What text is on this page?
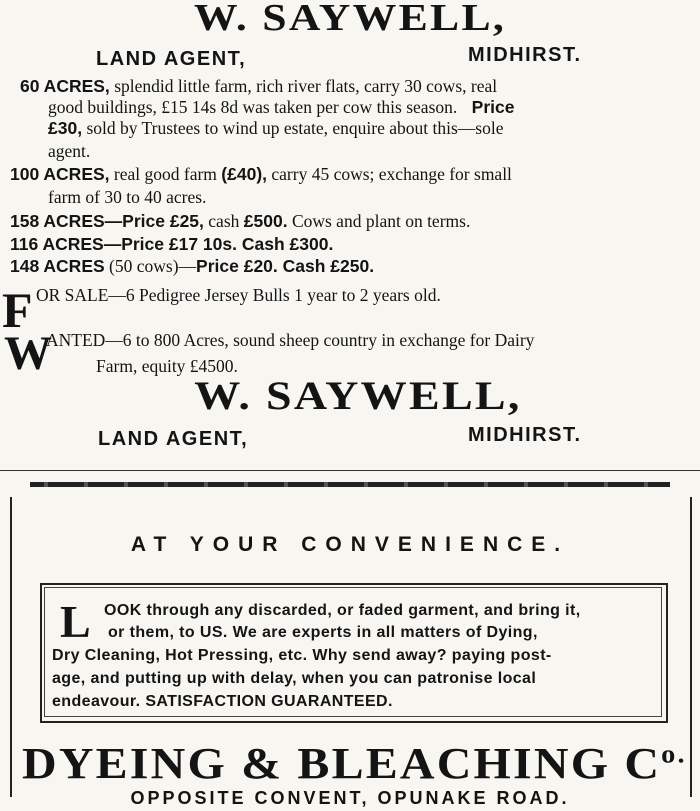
W. SAYWELL,
LAND AGENT,	MIDHIRST.
60 ACRES, splendid little farm, rich river flats, carry 30 cows, real
good buildings, £15 14s 8d was taken per cow this season. Price
£30, sold by Trustees to wind up estate, enquire about this—sole
agent.
100 ACRES, real good farm (£40), carry 45 cows; exchange for small
farm of 30 to 40 acres.
158 ACRES—Price £25, cash £500. Cows and plant on terms.
116 ACRES—Price £17 10s. Cash £300.
148 ACRES (50 cows)—Price £20. Cash £250.
F OR SALE—6 Pedigree Jersey Bulls 1 year to 2 years old.
W
ANTED—6 to 800 Acres, sound sheep country in exchange for Dairy
Farm, equity £4500.
W. SAYWELL,
LAND AGENT,	MIDHIRST.
AT YOUR CONVENIENCE.
L OOK through any discarded, or faded garment, and bring it,
or them, to US. We are experts in all matters of Dying,
Dry Cleaning, Hot Pressing, etc. Why send away? paying post-
age, and putting up with delay, when you can patronise local
endeavour. SATISFACTION GUARANTEED.
DYEING & BLEACHING $C^{o.}$
OPPOSITE CONVENT, OPUNAKE ROAD.
